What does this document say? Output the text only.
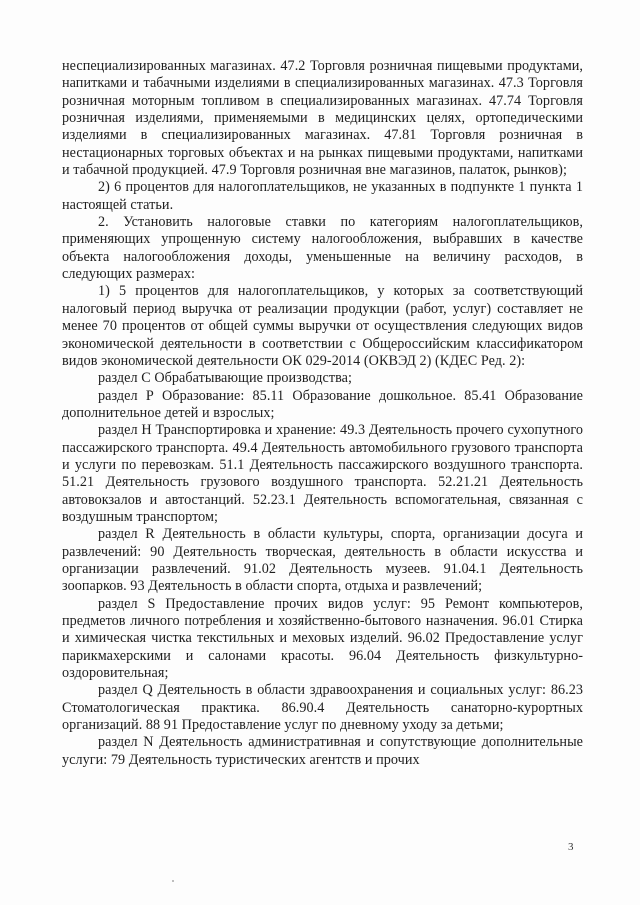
неспециализированных магазинах. 47.2 Торговля розничная пищевыми продуктами, напитками и табачными изделиями в специализированных магазинах. 47.3 Торговля розничная моторным топливом в специализированных магазинах. 47.74 Торговля розничная изделиями, применяемыми в медицинских целях, ортопедическими изделиями в специализированных магазинах. 47.81 Торговля розничная в нестационарных торговых объектах и на рынках пищевыми продуктами, напитками и табачной продукцией. 47.9 Торговля розничная вне магазинов, палаток, рынков);

2) 6 процентов для налогоплательщиков, не указанных в подпункте 1 пункта 1 настоящей статьи.

2. Установить налоговые ставки по категориям налогоплательщиков, применяющих упрощенную систему налогообложения, выбравших в качестве объекта налогообложения доходы, уменьшенные на величину расходов, в следующих размерах:

1) 5 процентов для налогоплательщиков, у которых за соответствующий налоговый период выручка от реализации продукции (работ, услуг) составляет не менее 70 процентов от общей суммы выручки от осуществления следующих видов экономической деятельности в соответствии с Общероссийским классификатором видов экономической деятельности ОК 029-2014 (ОКВЭД 2) (КДЕС Ред. 2):

раздел С Обрабатывающие производства;

раздел Р Образование: 85.11 Образование дошкольное. 85.41 Образование дополнительное детей и взрослых;

раздел Н Транспортировка и хранение: 49.3 Деятельность прочего сухопутного пассажирского транспорта. 49.4 Деятельность автомобильного грузового транспорта и услуги по перевозкам. 51.1 Деятельность пассажирского воздушного транспорта. 51.21 Деятельность грузового воздушного транспорта. 52.21.21 Деятельность автовокзалов и автостанций. 52.23.1 Деятельность вспомогательная, связанная с воздушным транспортом;

раздел R Деятельность в области культуры, спорта, организации досуга и развлечений: 90 Деятельность творческая, деятельность в области искусства и организации развлечений. 91.02 Деятельность музеев. 91.04.1 Деятельность зоопарков. 93 Деятельность в области спорта, отдыха и развлечений;

раздел S Предоставление прочих видов услуг: 95 Ремонт компьютеров, предметов личного потребления и хозяйственно-бытового назначения. 96.01 Стирка и химическая чистка текстильных и меховых изделий. 96.02 Предоставление услуг парикмахерскими и салонами красоты. 96.04 Деятельность физкультурно-оздоровительная;

раздел Q Деятельность в области здравоохранения и социальных услуг: 86.23 Стоматологическая практика. 86.90.4 Деятельность санаторно-курортных организаций. 88 91 Предоставление услуг по дневному уходу за детьми;

раздел N Деятельность административная и сопутствующие дополнительные услуги: 79 Деятельность туристических агентств и прочих

3
